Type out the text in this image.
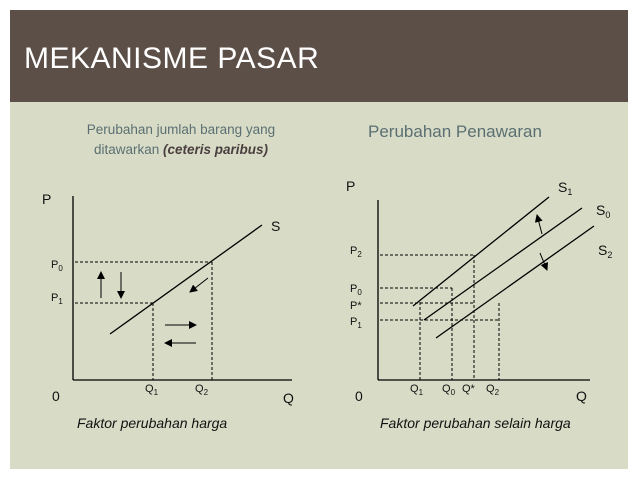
MEKANISME PASAR
Perubahan jumlah barang yang
ditawarkan (ceteris paribus)
Perubahan Penawaran
P
Q
0
S
$P_0$
$P_1$
$Q_1$	$Q_2$
Faktor perubahan harga
P
Q
0
$S_1$
$S_0$
$S_2$
$P_2$
$P_0$
P*
$P_1$
$Q_1$ $Q_0$ Q* $Q_2$
Faktor perubahan selain harga
